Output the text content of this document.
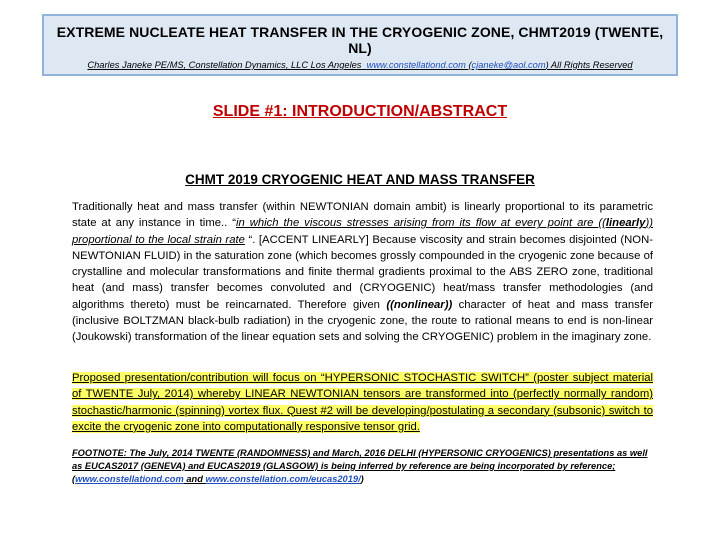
EXTREME NUCLEATE HEAT TRANSFER IN THE CRYOGENIC ZONE, CHMT2019 (TWENTE, NL)
Charles Janeke PE/MS, Constellation Dynamics, LLC Los Angeles www.constellationd.com (cjaneke@aol.com) All Rights Reserved
SLIDE #1: INTRODUCTION/ABSTRACT
CHMT 2019 CRYOGENIC HEAT AND MASS TRANSFER
Traditionally heat and mass transfer (within NEWTONIAN domain ambit) is linearly proportional to its parametric state at any instance in time.. “in which the viscous stresses arising from its flow at every point are ((linearly)) proportional to the local strain rate “. [ACCENT LINEARLY] Because viscosity and strain becomes disjointed (NON-NEWTONIAN FLUID) in the saturation zone (which becomes grossly compounded in the cryogenic zone because of crystalline and molecular transformations and finite thermal gradients proximal to the ABS ZERO zone, traditional heat (and mass) transfer becomes convoluted and (CRYOGENIC) heat/mass transfer methodologies (and algorithms thereto) must be reincarnated. Therefore given ((nonlinear)) character of heat and mass transfer (inclusive BOLTZMAN black-bulb radiation) in the cryogenic zone, the route to rational means to end is non-linear (Joukowski) transformation of the linear equation sets and solving the CRYOGENIC) problem in the imaginary zone.
Proposed presentation/contribution will focus on “HYPERSONIC STOCHASTIC SWITCH” (poster subject material of TWENTE July, 2014) whereby LINEAR NEWTONIAN tensors are transformed into (perfectly normally random) stochastic/harmonic (spinning) vortex flux. Quest #2 will be developing/postulating a secondary (subsonic) switch to excite the cryogenic zone into computationally responsive tensor grid.
FOOTNOTE: The July, 2014 TWENTE (RANDOMNESS) and March, 2016 DELHI (HYPERSONIC CRYOGENICS) presentations as well as EUCAS2017 (GENEVA) and EUCAS2019 (GLASGOW) is being inferred by reference are being incorporated by reference;
(www.constellationd.com and www.constellation.com/eucas2019/)
